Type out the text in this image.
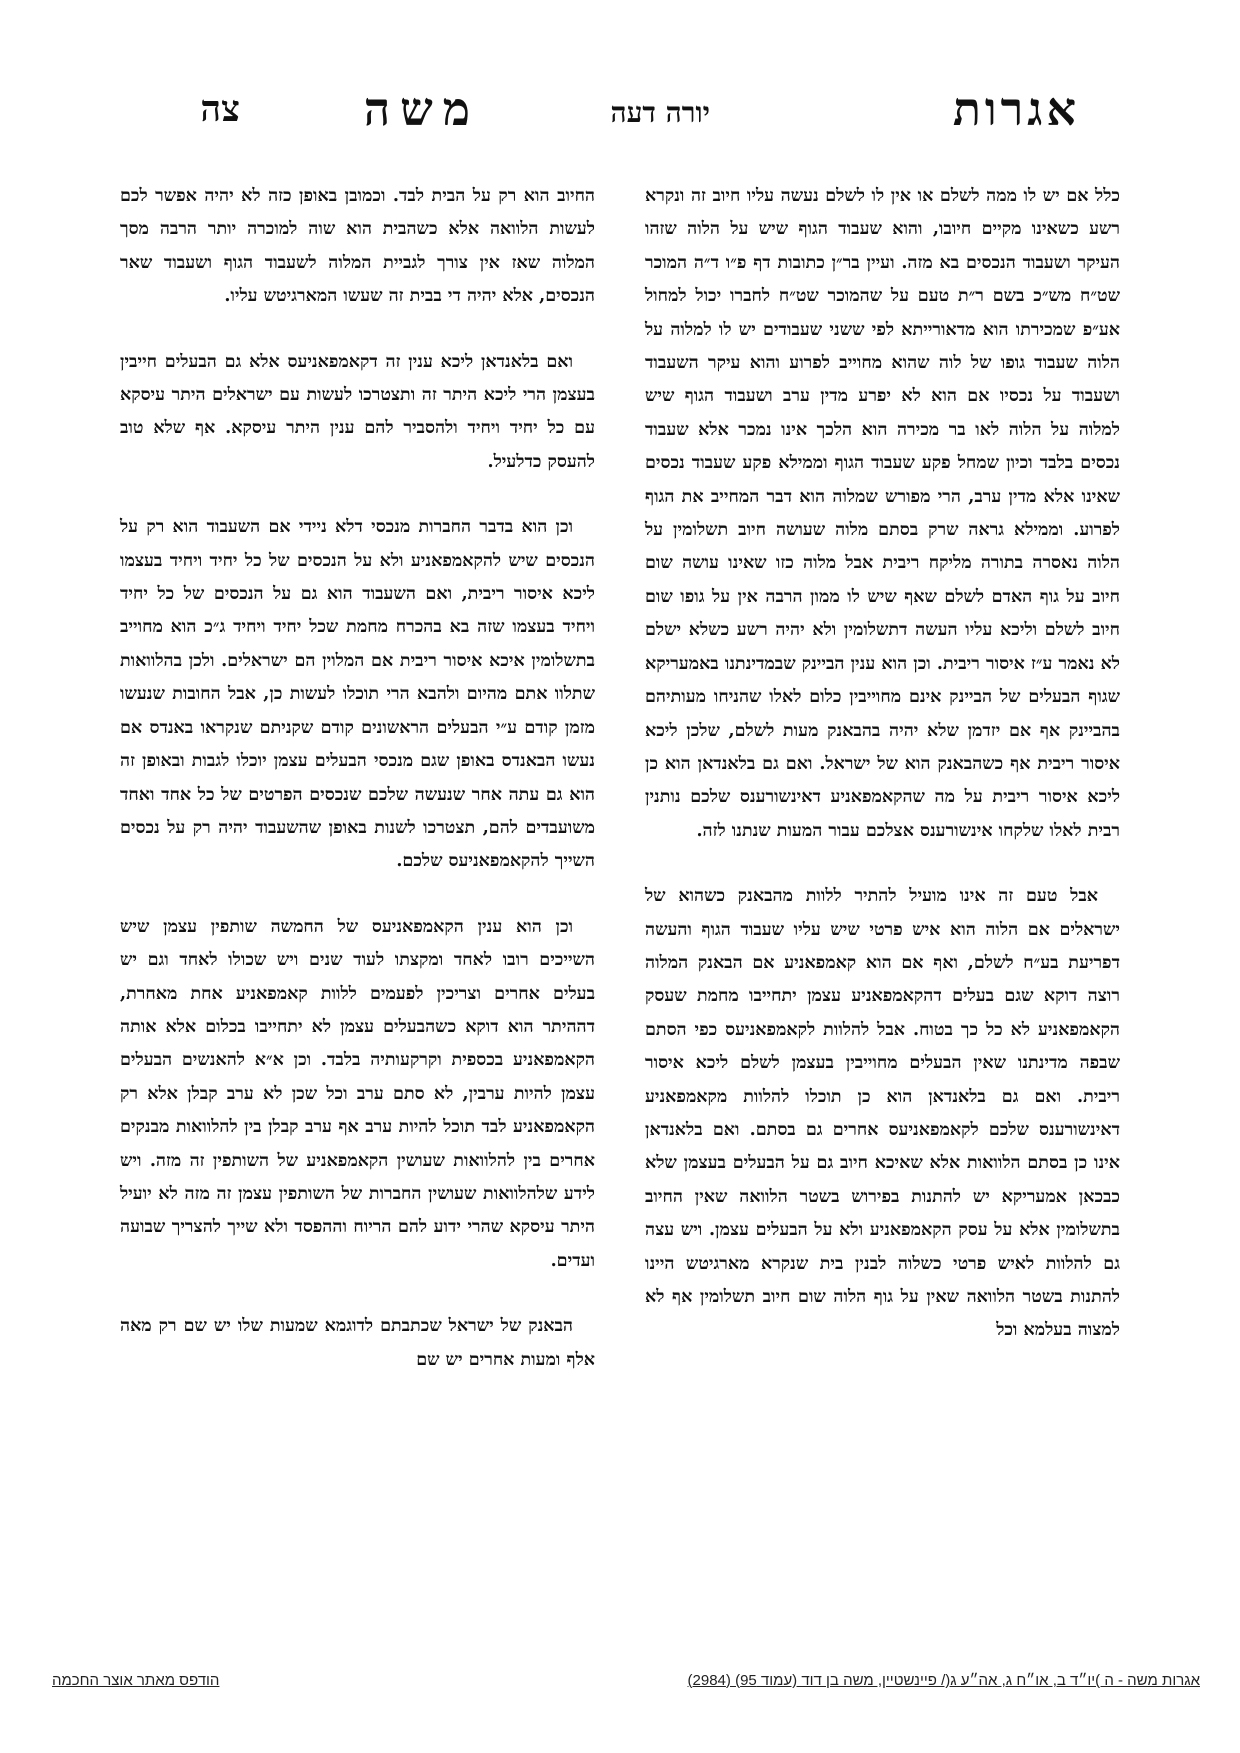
אגרות
יורה דעה
משה
צה

כלל אם יש לו ממה לשלם או אין לו לשלם נעשה עליו חיוב זה ונקרא רשע כשאינו מקיים חיובו, והוא שעבוד הגוף שיש על הלוה שזהו העיקר ושעבוד הנכסים בא מזה. ועיין בר״ן כתובות דף פ״ו ד״ה המוכר שט״ח מש״כ בשם ר״ת טעם על שהמוכר שט״ח לחברו יכול למחול אע״פ שמכירתו הוא מדאורייתא לפי ששני שעבודים יש לו למלוה על הלוה שעבוד גופו של לוה שהוא מחוייב לפרוע והוא עיקר השעבוד ושעבוד על נכסיו אם הוא לא יפרע מדין ערב ושעבוד הגוף שיש למלוה על הלוה לאו בר מכירה הוא הלכך אינו נמכר אלא שעבוד נכסים בלבד וכיון שמחל פקע שעבוד הגוף וממילא פקע שעבוד נכסים שאינו אלא מדין ערב, הרי מפורש שמלוה הוא דבר המחייב את הגוף לפרוע. וממילא גראה שרק בסתם מלוה שעושה חיוב תשלומין על הלוה נאסרה בתורה מליקח ריבית אבל מלוה כזו שאינו עושה שום חיוב על גוף האדם לשלם שאף שיש לו ממון הרבה אין על גופו שום חיוב לשלם וליכא עליו העשה דתשלומין ולא יהיה רשע כשלא ישלם לא נאמר ע״ז איסור ריבית. וכן הוא ענין הביינק שבמדינתנו באמעריקא שגוף הבעלים של הביינק אינם מחוייבין כלום לאלו שהניחו מעותיהם בהביינק אף אם יזדמן שלא יהיה בהבאנק מעות לשלם, שלכן ליכא איסור ריבית אף כשהבאנק הוא של ישראל. ואם גם בלאנדאן הוא כן ליכא איסור ריבית על מה שהקאמפאניע דאינשורענס שלכם נותנין רבית לאלו שלקחו אינשורענס אצלכם עבור המעות שנתנו לזה.

אבל טעם זה אינו מועיל להתיר ללוות מהבאנק כשהוא של ישראלים אם הלוה הוא איש פרטי שיש עליו שעבוד הגוף והעשה דפריעת בע״ח לשלם, ואף אם הוא קאמפאניע אם הבאנק המלוה רוצה דוקא שגם בעלים דהקאמפאניע עצמן יתחייבו מחמת שעסק הקאמפאניע לא כל כך בטוח. אבל להלוות לקאמפאניעס כפי הסתם שבפה מדינתנו שאין הבעלים מחוייבין בעצמן לשלם ליכא איסור ריבית. ואם גם בלאנדאן הוא כן תוכלו להלוות מקאמפאניע דאינשורענס שלכם לקאמפאניעס אחרים גם בסתם. ואם בלאנדאן אינו כן בסתם הלוואות אלא שאיכא חיוב גם על הבעלים בעצמן שלא כבכאן אמעריקא יש להתנות בפירוש בשטר הלוואה שאין החיוב בתשלומין אלא על עסק הקאמפאניע ולא על הבעלים עצמן. ויש עצה גם להלוות לאיש פרטי כשלוה לבנין בית שנקרא מארגיטש היינו להתנות בשטר הלוואה שאין על גוף הלוה שום חיוב תשלומין אף לא למצוה בעלמא וכל

החיוב הוא רק על הבית לבד. וכמובן באופן כזה לא יהיה אפשר לכם לעשות הלוואה אלא כשהבית הוא שוה למוכרה יותר הרבה מסך המלוה שאז אין צורך לגביית המלוה לשעבוד הגוף ושעבוד שאר הנכסים, אלא יהיה די בבית זה שעשו המארגיטש עליו.

ואם בלאנדאן ליכא ענין זה דקאמפאניעס אלא גם הבעלים חייבין בעצמן הרי ליכא היתר זה ותצטרכו לעשות עם ישראלים היתר עיסקא עם כל יחיד ויחיד ולהסביר להם ענין היתר עיסקא. אף שלא טוב להעסק כדלעיל.

וכן הוא בדבר החברות מנכסי דלא ניידי אם השעבוד הוא רק על הנכסים שיש להקאמפאניע ולא על הנכסים של כל יחיד ויחיד בעצמו ליכא איסור ריבית, ואם השעבוד הוא גם על הנכסים של כל יחיד ויחיד בעצמו שזה בא בהכרח מחמת שכל יחיד ויחיד ג״כ הוא מחוייב בתשלומין איכא איסור ריבית אם המלוין הם ישראלים. ולכן בהלוואות שתלוו אתם מהיום ולהבא הרי תוכלו לעשות כן, אבל החובות שנעשו מזמן קודם ע״י הבעלים הראשונים קודם שקניתם שנקראו באנדס אם נעשו הבאנדס באופן שגם מנכסי הבעלים עצמן יוכלו לגבות ובאופן זה הוא גם עתה אחר שנעשה שלכם שנכסים הפרטים של כל אחד ואחד משועבדים להם, תצטרכו לשנות באופן שהשעבוד יהיה רק על נכסים השייך להקאמפאניעס שלכם.

וכן הוא ענין הקאמפאניעס של החמשה שותפין עצמן שיש השייכים רובו לאחד ומקצתו לעוד שנים ויש שכולו לאחד וגם יש בעלים אחרים וצריכין לפעמים ללוות קאמפאניע אחת מאחרת, דההיתר הוא דוקא כשהבעלים עצמן לא יתחייבו בכלום אלא אותה הקאמפאניע בכספית וקרקעותיה בלבד. וכן א״א להאנשים הבעלים עצמן להיות ערבין, לא סתם ערב וכל שכן לא ערב קבלן אלא רק הקאמפאניע לבד תוכל להיות ערב אף ערב קבלן בין להלוואות מבנקים אחרים בין להלוואות שעושין הקאמפאניע של השותפין זה מזה. ויש לידע שלהלוואות שעושין החברות של השותפין עצמן זה מזה לא יועיל היתר עיסקא שהרי ידוע להם הריוח וההפסד ולא שייך להצריך שבועה ועדים.

הבאנק של ישראל שכתבתם לדוגמא שמעות שלו יש שם רק מאה אלף ומעות אחרים יש שם

אגרות משה - ה )יו״ד ב, או״ח ג, אה״ע ג(/ פיינשטיין, משה בן דוד (עמוד 95) (2984)
הודפס מאתר אוצר החכמה
